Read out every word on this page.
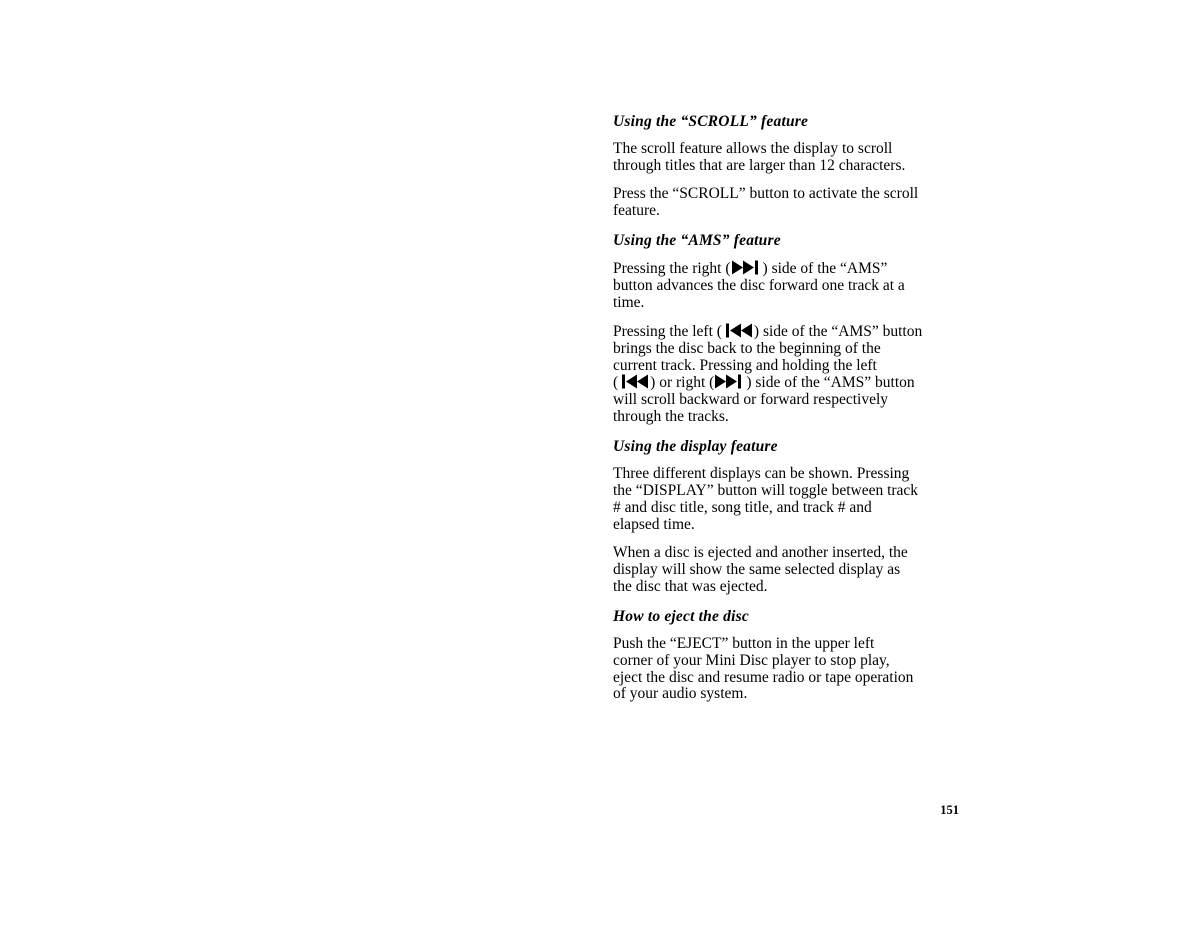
Using the “SCROLL” feature
The scroll feature allows the display to scroll
through titles that are larger than 12 characters.
Press the “SCROLL” button to activate the scroll
feature.
Using the “AMS” feature
Pressing the right ( ) side of the “AMS”
button advances the disc forward one track at a
time.
Pressing the left ( ) side of the “AMS” button
brings the disc back to the beginning of the
current track. Pressing and holding the left
( ) or right ( ) side of the “AMS” button
will scroll backward or forward respectively
through the tracks.
Using the display feature
Three different displays can be shown. Pressing
the “DISPLAY” button will toggle between track
# and disc title, song title, and track # and
elapsed time.
When a disc is ejected and another inserted, the
display will show the same selected display as
the disc that was ejected.
How to eject the disc
Push the “EJECT” button in the upper left
corner of your Mini Disc player to stop play,
eject the disc and resume radio or tape operation
of your audio system.
151
